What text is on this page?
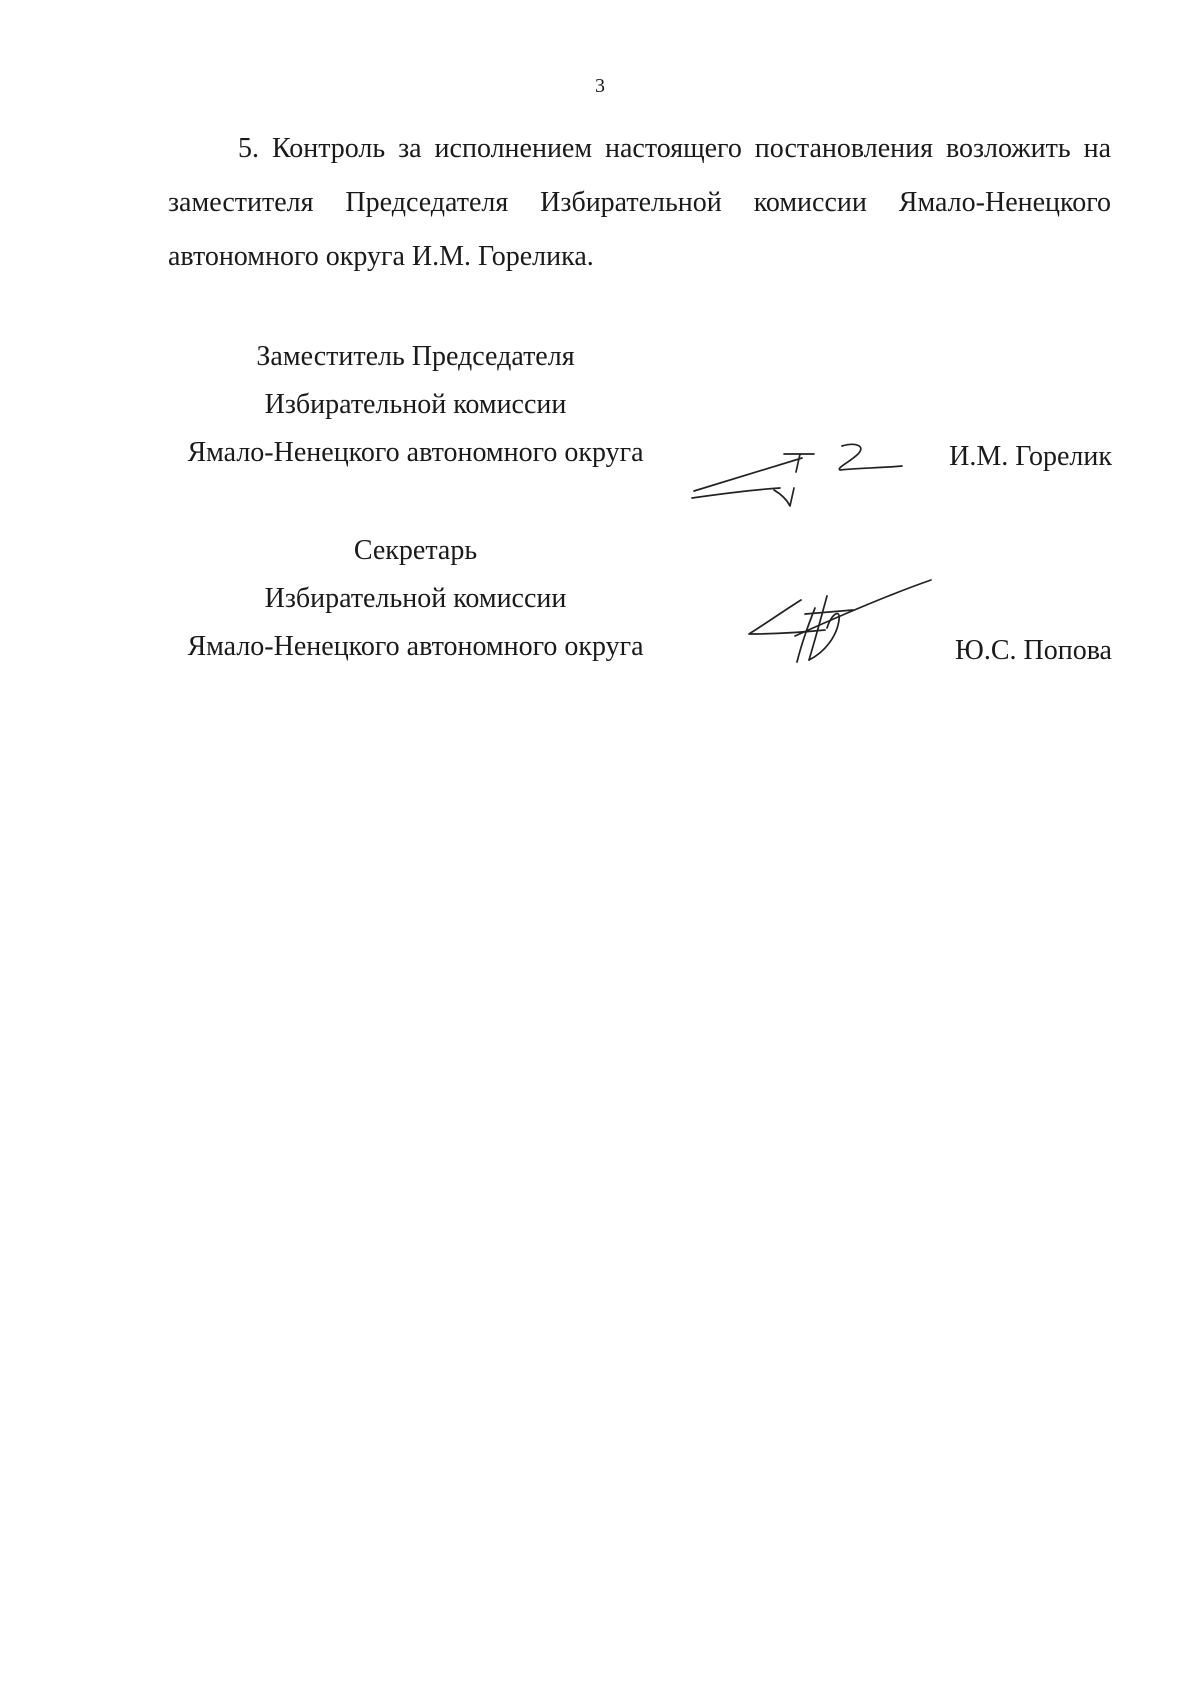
3

5. Контроль за исполнением настоящего постановления возложить на заместителя Председателя Избирательной комиссии Ямало-Ненецкого автономного округа И.М. Горелика.

Заместитель Председателя
Избирательной комиссии
Ямало-Ненецкого автономного округа	И.М. Горелик
Секретарь
Избирательной комиссии
Ямало-Ненецкого автономного округа	Ю.С. Попова
